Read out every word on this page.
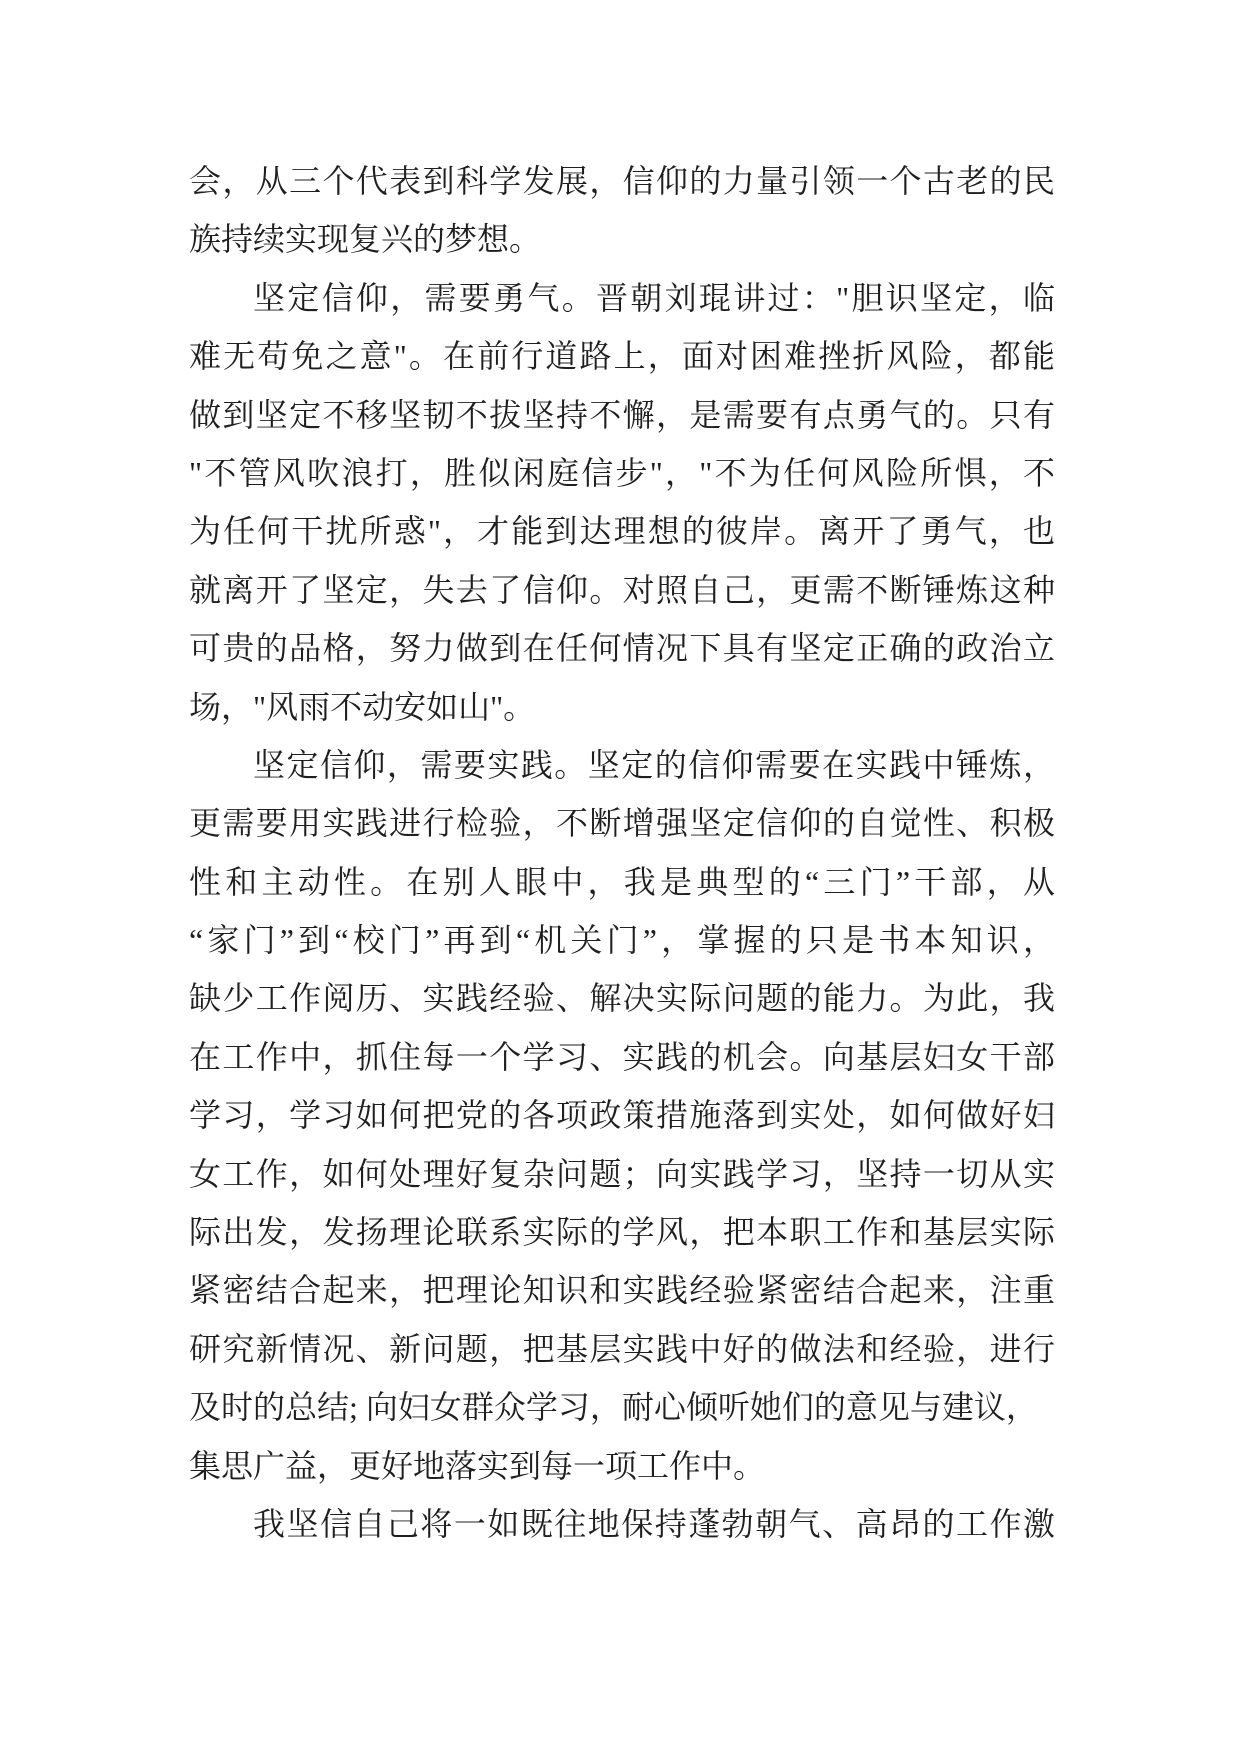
会，从三个代表到科学发展，信仰的力量引领一个古老的民
族持续实现复兴的梦想。
坚定信仰，需要勇气。晋朝刘琨讲过："胆识坚定，临
难无苟免之意"。在前行道路上，面对困难挫折风险，都能
做到坚定不移坚韧不拔坚持不懈，是需要有点勇气的。只有
"不管风吹浪打，胜似闲庭信步"，"不为任何风险所惧，不
为任何干扰所惑"，才能到达理想的彼岸。离开了勇气，也
就离开了坚定，失去了信仰。对照自己，更需不断锤炼这种
可贵的品格，努力做到在任何情况下具有坚定正确的政治立
场，"风雨不动安如山"。
坚定信仰，需要实践。坚定的信仰需要在实践中锤炼，
更需要用实践进行检验，不断增强坚定信仰的自觉性、积极
性和主动性。在别人眼中，我是典型的“三门”干部，从
“家门”到“校门”再到“机关门”，掌握的只是书本知识，
缺少工作阅历、实践经验、解决实际问题的能力。为此，我
在工作中，抓住每一个学习、实践的机会。向基层妇女干部
学习，学习如何把党的各项政策措施落到实处，如何做好妇
女工作，如何处理好复杂问题；向实践学习，坚持一切从实
际出发，发扬理论联系实际的学风，把本职工作和基层实际
紧密结合起来，把理论知识和实践经验紧密结合起来，注重
研究新情况、新问题，把基层实践中好的做法和经验，进行
及时的总结; 向妇女群众学习，耐心倾听她们的意见与建议，
集思广益，更好地落实到每一项工作中。
我坚信自己将一如既往地保持蓬勃朝气、高昂的工作激
